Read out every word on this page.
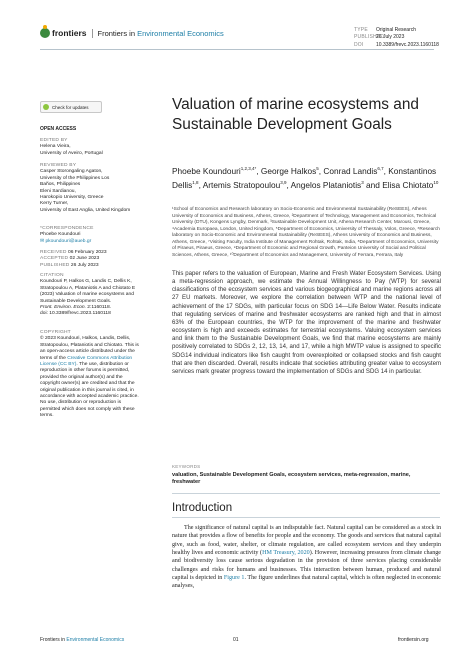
frontiers Frontiers in Environmental Economics	TYPE Original Research
PUBLISHED26 July 2023
DOI	10.3389/frevc.2023.1160118
Check for updates
OPEN ACCESS
EDITED BY
Helena Vieira,
University of Aveiro, Portugal
REVIEWED BY
Casper Storongaling Agaton,
University of the Philippines Los
Baños, Philippines
Eleni Sardianou,
Harokopio University, Greece
Kerry Turner,
University of East Anglia, United Kingdom
*CORRESPONDENCE
Phoebe Koundouri
✉ pkoundouri@aueb.gr
RECEIVED 06 February 2023
ACCEPTED 02 June 2023
PUBLISHED 26 July 2023
CITATION
Koundouri P, Halkos G, Landis C, Dellis K,
Stratopoulou A, Plataniotis A and Chiotato E
(2023) Valuation of marine ecosystems and
Sustainable Development Goals.
Front. Environ. Econ. 2:1160118.
doi: 10.3389/frevc.2023.1160118
COPYRIGHT
© 2023 Koundouri, Halkos, Landis, Dellis,
Stratopoulou, Plataniotis and Chiotato. This is
an open-access article distributed under the
terms of the Creative Commons Attribution
License (CC BY). The use, distribution or
reproduction in other forums is permitted,
provided the original author(s) and the
copyright owner(s) are credited and that the
original publication in this journal is cited, in
accordance with accepted academic practice.
No use, distribution or reproduction is
permitted which does not comply with these
terms.
Valuation of marine ecosystems and Sustainable Development Goals
Phoebe Koundouri$^{1,2,3,4*}$, George Halkos$^5$, Conrad Landis$^{6,7}$, Konstantinos Dellis$^{1,8}$, Artemis Stratopoulou$^{3,9}$, Angelos Plataniotis$^3$ and Elisa Chiotato$^{10}$
¹School of Economics and Research laboratory on Socio-Economic and Environmental Sustainability (ReSEES), Athens University of Economics and Business, Athens, Greece, ²Department of Technology, Management and Economics, Technical University (DTU), Kongens Lyngby, Denmark, ³Sustainable Development Unit, Athena Research Center, Marousi, Greece, ⁴Academia Europaea, London, United Kingdom, ⁵Department of Economics, University of Thessaly, Volos, Greece, ⁶Research laboratory on Socio-Economic and Environmental Sustainability (ReSEES), Athens University of Economics and Business, Athens, Greece, ⁷Visiting Faculty, India Institute of Management Rohtak, Rohtak, India, ⁸Department of Economics, University of Piraeus, Piraeus, Greece, ⁹Department of Economic and Regional Growth, Panteion University of Social and Political Sciences, Athens, Greece, ¹⁰Department of Economics and Management, University of Ferrara, Ferrara, Italy
This paper refers to the valuation of European, Marine and Fresh Water Ecosystem Services. Using a meta-regression approach, we estimate the Annual Willingness to Pay (WTP) for several classifications of the ecosystem services and various biogeographical and marine regions across all 27 EU markets. Moreover, we explore the correlation between WTP and the national level of achievement of the 17 SDGs, with particular focus on SDG 14—Life Below Water. Results indicate that regulating services of marine and freshwater ecosystems are ranked high and that in almost 63% of the European countries, the WTP for the improvement of the marine and freshwater ecosystem is high and exceeds estimates for terrestrial ecosystems. Valuing ecosystem services and link them to the Sustainable Development Goals, we find that marine ecosystems are mainly positively correlated to SDGs 2, 12, 13, 14, and 17, while a high MWTP value is assigned to specific SDG14 individual indicators like fish caught from overexploited or collapsed stocks and fish caught that are then discarded. Overall, results indicate that societies attributing greater value to ecosystem services mark greater progress toward the implementation of SDGs and SDG 14 in particular.
KEYWORDS
valuation, Sustainable Development Goals, ecosystem services, meta-regression, marine, freshwater
Introduction
The significance of natural capital is an indisputable fact. Natural capital can be considered as a stock in nature that provides a flow of benefits for people and the economy. The goods and services that natural capital give, such as food, water, shelter, or climate regulation, are called ecosystem services and they underpin healthy lives and economic activity (HM Treasury, 2020). However, increasing pressures from climate change and biodiversity loss cause serious degradation in the provision of three services placing considerable challenges and risks for humans and businesses. This interaction between human, produced and natural capital is depicted in Figure 1. The figure underlines that natural capital, which is often neglected in economic analyses,
Frontiers in Environmental Economics	01	frontiersin.org
